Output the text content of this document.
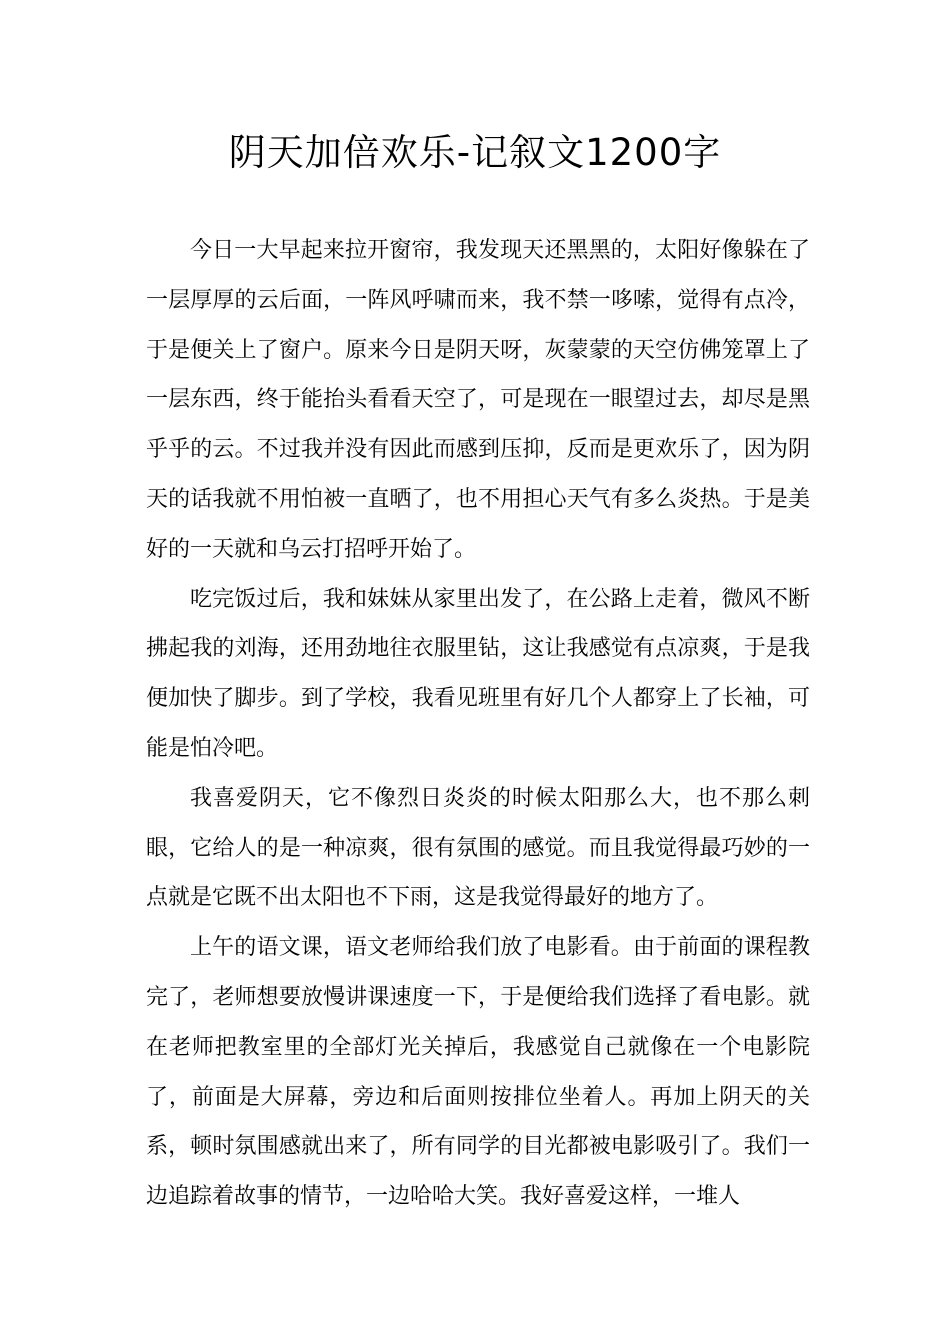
阴天加倍欢乐-记叙文1200字

今日一大早起来拉开窗帘，我发现天还黑黑的，太阳好像躲在了一层厚厚的云后面，一阵风呼啸而来，我不禁一哆嗦，觉得有点冷，于是便关上了窗户。原来今日是阴天呀，灰蒙蒙的天空仿佛笼罩上了一层东西，终于能抬头看看天空了，可是现在一眼望过去，却尽是黑乎乎的云。不过我并没有因此而感到压抑，反而是更欢乐了，因为阴天的话我就不用怕被一直晒了，也不用担心天气有多么炎热。于是美好的一天就和乌云打招呼开始了。

吃完饭过后，我和妹妹从家里出发了，在公路上走着，微风不断拂起我的刘海，还用劲地往衣服里钻，这让我感觉有点凉爽，于是我便加快了脚步。到了学校，我看见班里有好几个人都穿上了长袖，可能是怕冷吧。

我喜爱阴天，它不像烈日炎炎的时候太阳那么大，也不那么刺眼，它给人的是一种凉爽，很有氛围的感觉。而且我觉得最巧妙的一点就是它既不出太阳也不下雨，这是我觉得最好的地方了。

上午的语文课，语文老师给我们放了电影看。由于前面的课程教完了，老师想要放慢讲课速度一下，于是便给我们选择了看电影。就在老师把教室里的全部灯光关掉后，我感觉自己就像在一个电影院了，前面是大屏幕，旁边和后面则按排位坐着人。再加上阴天的关系，顿时氛围感就出来了，所有同学的目光都被电影吸引了。我们一边追踪着故事的情节，一边哈哈大笑。我好喜爱这样，一堆人
